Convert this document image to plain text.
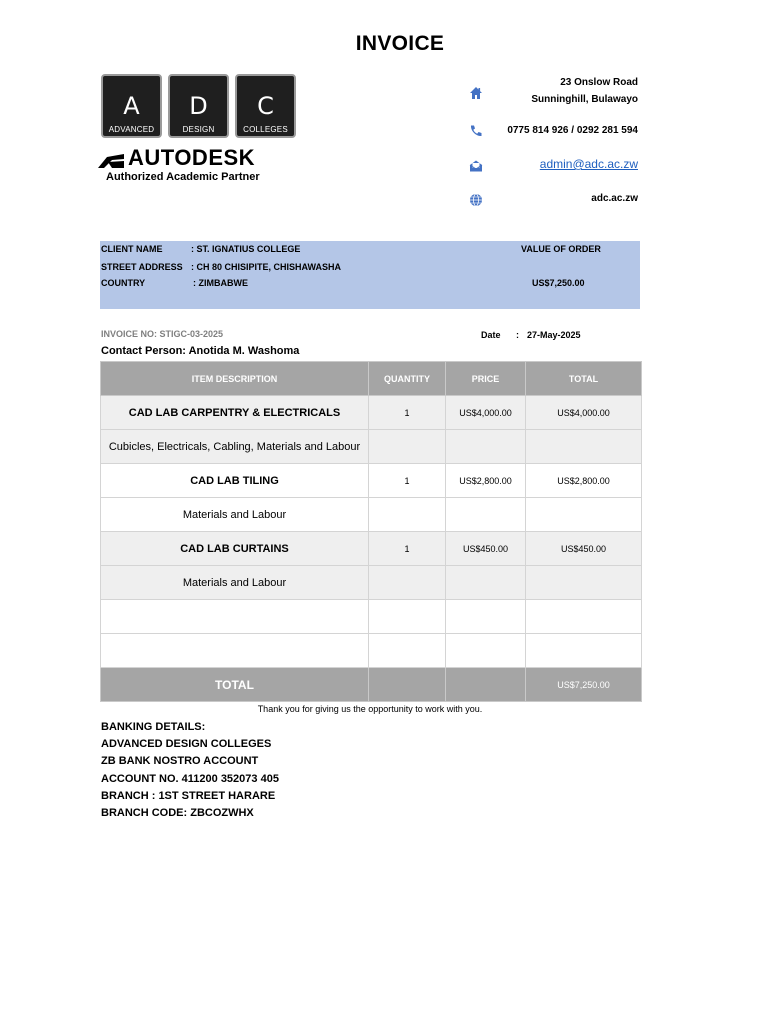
INVOICE
A
ADVANCED
D
DESIGN
C
COLLEGES
AUTODESK
Authorized Academic Partner
23 Onslow Road
Sunninghill, Bulawayo
0775 814 926 / 0292 281 594
admin@adc.ac.zw
adc.ac.zw
CLIENT NAME	: ST. IGNATIUS COLLEGE
STREET ADDRESS : CH 80 CHISIPITE, CHISHAWASHA
COUNTRY	: ZIMBABWE
VALUE OF ORDER
US$7,250.00
INVOICE NO: STIGC-03-2025
Contact Person: Anotida M. Washoma
Date : 27-May-2025
ITEM DESCRIPTION	QUANTITY	PRICE	TOTAL
CAD LAB CARPENTRY & ELECTRICALS	1	US$4,000.00	US$4,000.00
Cubicles, Electricals, Cabling, Materials and Labour			
CAD LAB TILING	1	US$2,800.00	US$2,800.00
Materials and Labour			
CAD LAB CURTAINS	1	US$450.00	US$450.00
Materials and Labour			

TOTAL			US$7,250.00
Thank you for giving us the opportunity to work with you.
BANKING DETAILS:
ADVANCED DESIGN COLLEGES
ZB BANK NOSTRO ACCOUNT
ACCOUNT NO. 411200 352073 405
BRANCH : 1ST STREET HARARE
BRANCH CODE: ZBCOZWHX
